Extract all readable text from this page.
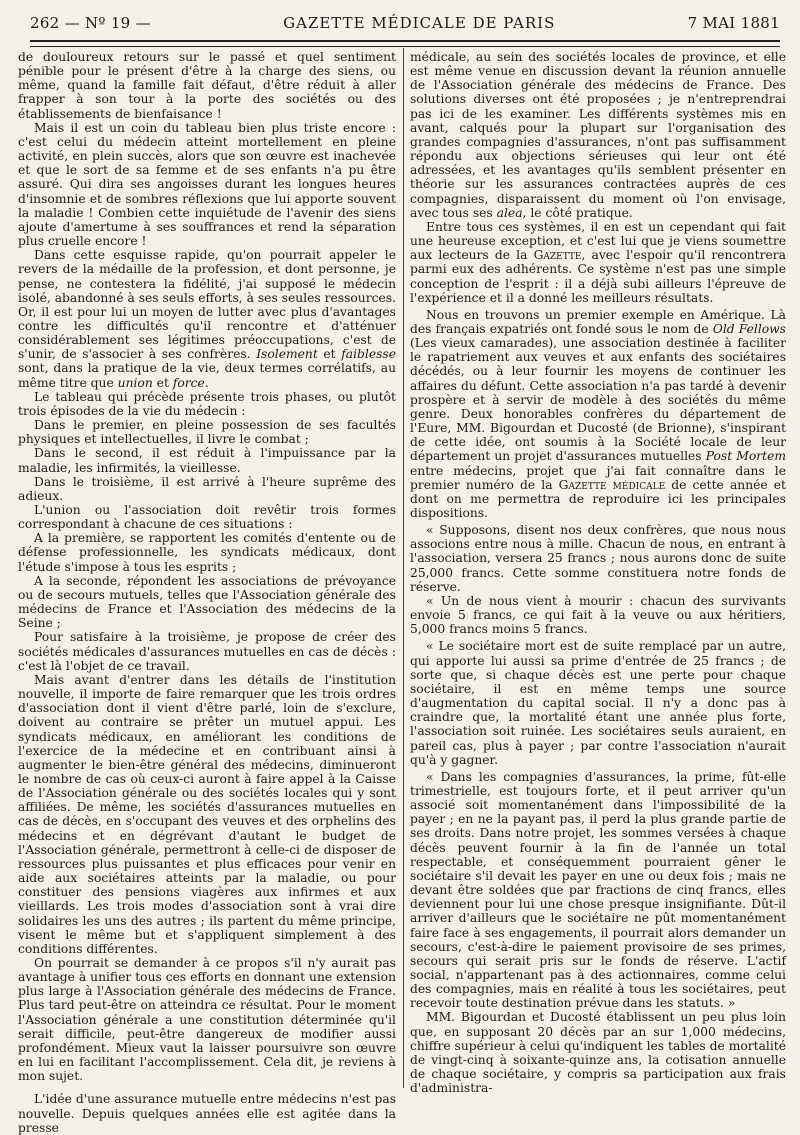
262 — Nº 19 —	GAZETTE MÉDICALE DE PARIS	7 MAI 1881

de douloureux retours sur le passé et quel sentiment pénible pour le présent d'être à la charge des siens, ou même, quand la famille fait défaut, d'être réduit à aller frapper à son tour à la porte des sociétés ou des établissements de bienfaisance !

Mais il est un coin du tableau bien plus triste encore : c'est celui du médecin atteint mortellement en pleine activité, en plein succès, alors que son œuvre est inachevée et que le sort de sa femme et de ses enfants n'a pu être assuré. Qui dira ses angoisses durant les longues heures d'insomnie et de sombres réflexions que lui apporte souvent la maladie ! Combien cette inquiétude de l'avenir des siens ajoute d'amertume à ses souffrances et rend la séparation plus cruelle encore !

Dans cette esquisse rapide, qu'on pourrait appeler le revers de la médaille de la profession, et dont personne, je pense, ne contestera la fidélité, j'ai supposé le médecin isolé, abandonné à ses seuls efforts, à ses seules ressources. Or, il est pour lui un moyen de lutter avec plus d'avantages contre les difficultés qu'il rencontre et d'atténuer considérablement ses légitimes préoccupations, c'est de s'unir, de s'associer à ses confrères. Isolement et faiblesse sont, dans la pratique de la vie, deux termes corrélatifs, au même titre que union et force.

Le tableau qui précède présente trois phases, ou plutôt trois épisodes de la vie du médecin :

Dans le premier, en pleine possession de ses facultés physiques et intellectuelles, il livre le combat ;

Dans le second, il est réduit à l'impuissance par la maladie, les infirmités, la vieillesse.

Dans le troisième, il est arrivé à l'heure suprême des adieux.

L'union ou l'association doit revêtir trois formes correspondant à chacune de ces situations :

A la première, se rapportent les comités d'entente ou de défense professionnelle, les syndicats médicaux, dont l'étude s'impose à tous les esprits ;

A la seconde, répondent les associations de prévoyance ou de secours mutuels, telles que l'Association générale des médecins de France et l'Association des médecins de la Seine ;

Pour satisfaire à la troisième, je propose de créer des sociétés médicales d'assurances mutuelles en cas de décès : c'est là l'objet de ce travail.

Mais avant d'entrer dans les détails de l'institution nouvelle, il importe de faire remarquer que les trois ordres d'association dont il vient d'être parlé, loin de s'exclure, doivent au contraire se prêter un mutuel appui. Les syndicats médicaux, en améliorant les conditions de l'exercice de la médecine et en contribuant ainsi à augmenter le bien-être général des médecins, diminueront le nombre de cas où ceux-ci auront à faire appel à la Caisse de l'Association générale ou des sociétés locales qui y sont affiliées. De même, les sociétés d'assurances mutuelles en cas de décès, en s'occupant des veuves et des orphelins des médecins et en dégrévant d'autant le budget de l'Association générale, permettront à celle-ci de disposer de ressources plus puissantes et plus efficaces pour venir en aide aux sociétaires atteints par la maladie, ou pour constituer des pensions viagères aux infirmes et aux vieillards. Les trois modes d'association sont à vrai dire solidaires les uns des autres ; ils partent du même principe, visent le même but et s'appliquent simplement à des conditions différentes.

On pourrait se demander à ce propos s'il n'y aurait pas avantage à unifier tous ces efforts en donnant une extension plus large à l'Association générale des médecins de France. Plus tard peut-être on atteindra ce résultat. Pour le moment l'Association générale a une constitution déterminée qu'il serait difficile, peut-être dangereux de modifier aussi profondément. Mieux vaut la laisser poursuivre son œuvre en lui en facilitant l'accomplissement. Cela dit, je reviens à mon sujet.

L'idée d'une assurance mutuelle entre médecins n'est pas nouvelle. Depuis quelques années elle est agitée dans la presse

médicale, au sein des sociétés locales de province, et elle est même venue en discussion devant la réunion annuelle de l'Association générale des médecins de France. Des solutions diverses ont été proposées ; je n'entreprendrai pas ici de les examiner. Les différents systèmes mis en avant, calqués pour la plupart sur l'organisation des grandes compagnies d'assurances, n'ont pas suffisamment répondu aux objections sérieuses qui leur ont été adressées, et les avantages qu'ils semblent présenter en théorie sur les assurances contractées auprès de ces compagnies, disparaissent du moment où l'on envisage, avec tous ses alea, le côté pratique.

Entre tous ces systèmes, il en est un cependant qui fait une heureuse exception, et c'est lui que je viens soumettre aux lecteurs de la Gazette, avec l'espoir qu'il rencontrera parmi eux des adhérents. Ce système n'est pas une simple conception de l'esprit : il a déjà subi ailleurs l'épreuve de l'expérience et il a donné les meilleurs résultats.

Nous en trouvons un premier exemple en Amérique. Là des français expatriés ont fondé sous le nom de Old Fellows (Les vieux camarades), une association destinée à faciliter le rapatriement aux veuves et aux enfants des sociétaires décédés, ou à leur fournir les moyens de continuer les affaires du défunt. Cette association n'a pas tardé à devenir prospère et à servir de modèle à des sociétés du même genre. Deux honorables confrères du département de l'Eure, MM. Bigourdan et Ducosté (de Brionne), s'inspirant de cette idée, ont soumis à la Société locale de leur département un projet d'assurances mutuelles Post Mortem entre médecins, projet que j'ai fait connaître dans le premier numéro de la Gazette médicale de cette année et dont on me permettra de reproduire ici les principales dispositions.

« Supposons, disent nos deux confrères, que nous nous associons entre nous à mille. Chacun de nous, en entrant à l'association, versera 25 francs ; nous aurons donc de suite 25,000 francs. Cette somme constituera notre fonds de réserve.

« Un de nous vient à mourir : chacun des survivants envoie 5 francs, ce qui fait à la veuve ou aux héritiers, 5,000 francs moins 5 francs.

« Le sociétaire mort est de suite remplacé par un autre, qui apporte lui aussi sa prime d'entrée de 25 francs ; de sorte que, si chaque décès est une perte pour chaque sociétaire, il est en même temps une source d'augmentation du capital social. Il n'y a donc pas à craindre que, la mortalité étant une année plus forte, l'association soit ruinée. Les sociétaires seuls auraient, en pareil cas, plus à payer ; par contre l'association n'aurait qu'à y gagner.

« Dans les compagnies d'assurances, la prime, fût-elle trimestrielle, est toujours forte, et il peut arriver qu'un associé soit momentanément dans l'impossibilité de la payer ; en ne la payant pas, il perd la plus grande partie de ses droits. Dans notre projet, les sommes versées à chaque décès peuvent fournir à la fin de l'année un total respectable, et conséquemment pourraient gêner le sociétaire s'il devait les payer en une ou deux fois ; mais ne devant être soldées que par fractions de cinq francs, elles deviennent pour lui une chose presque insignifiante. Dût-il arriver d'ailleurs que le sociétaire ne pût momentanément faire face à ses engagements, il pourrait alors demander un secours, c'est-à-dire le paiement provisoire de ses primes, secours qui serait pris sur le fonds de réserve. L'actif social, n'appartenant pas à des actionnaires, comme celui des compagnies, mais en réalité à tous les sociétaires, peut recevoir toute destination prévue dans les statuts. »

MM. Bigourdan et Ducosté établissent un peu plus loin que, en supposant 20 décès par an sur 1,000 médecins, chiffre supérieur à celui qu'indiquent les tables de mortalité de vingt-cinq à soixante-quinze ans, la cotisation annuelle de chaque sociétaire, y compris sa participation aux frais d'administra-
